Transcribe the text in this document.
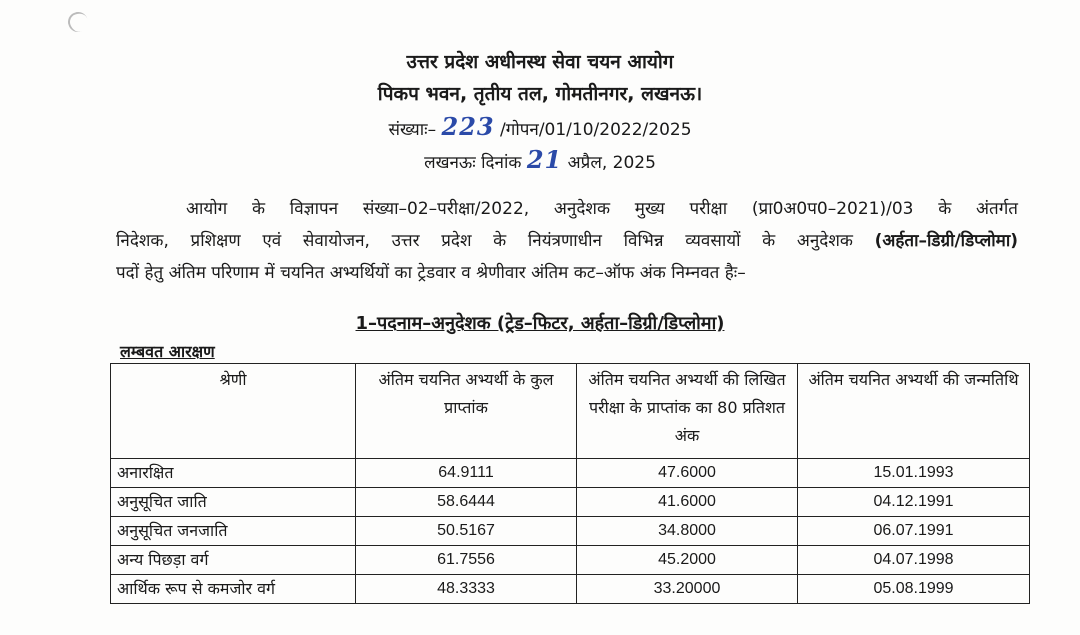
उत्तर प्रदेश अधीनस्थ सेवा चयन आयोग
पिकप भवन, तृतीय तल, गोमतीनगर, लखनऊ।
संख्याः– 223 /गोपन/01/10/2022/2025
लखनऊः दिनांक 21 अप्रैल, 2025
आयोग के विज्ञापन संख्या–02–परीक्षा/2022, अनुदेशक मुख्य परीक्षा (प्रा0अ0प0–2021)/03 के अंतर्गत
निदेशक, प्रशिक्षण एवं सेवायोजन, उत्तर प्रदेश के नियंत्रणाधीन विभिन्न व्यवसायों के अनुदेशक (अर्हता–डिग्री/डिप्लोमा)
पदों हेतु अंतिम परिणाम में चयनित अभ्यर्थियों का ट्रेडवार व श्रेणीवार अंतिम कट–ऑफ अंक निम्नवत हैः–
1–पदनाम–अनुदेशक (ट्रेड–फिटर, अर्हता–डिग्री/डिप्लोमा)
लम्बवत आरक्षण
श्रेणी	अंतिम चयनित अभ्यर्थी के कुल प्राप्तांक	अंतिम चयनित अभ्यर्थी की लिखित परीक्षा के प्राप्तांक का 80 प्रतिशत अंक	अंतिम चयनित अभ्यर्थी की जन्मतिथि
अनारक्षित	64.9111	47.6000	15.01.1993
अनुसूचित जाति	58.6444	41.6000	04.12.1991
अनुसूचित जनजाति	50.5167	34.8000	06.07.1991
अन्य पिछड़ा वर्ग	61.7556	45.2000	04.07.1998
आर्थिक रूप से कमजोर वर्ग	48.3333	33.20000	05.08.1999
